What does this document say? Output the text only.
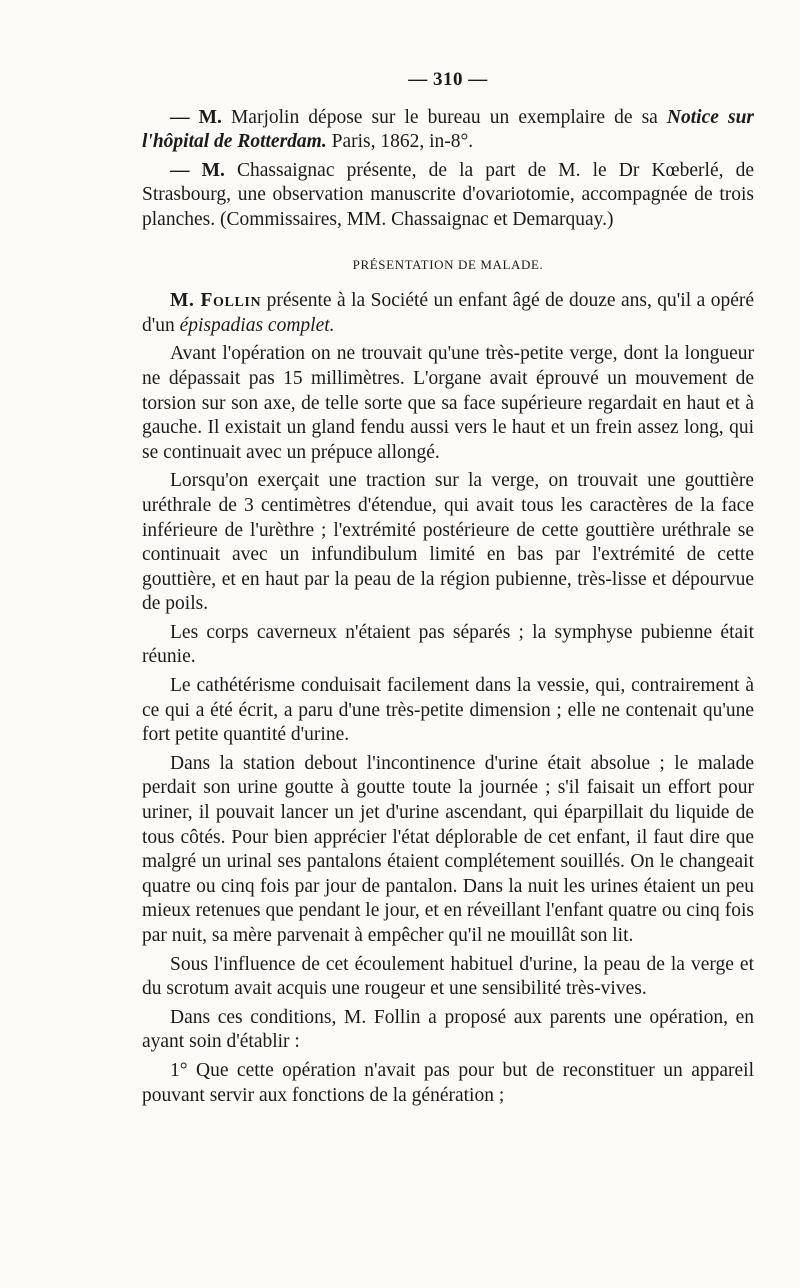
— 310 —

— M. Marjolin dépose sur le bureau un exemplaire de sa Notice sur l'hôpital de Rotterdam. Paris, 1862, in-8°.

— M. Chassaignac présente, de la part de M. le Dr Kœberlé, de Strasbourg, une observation manuscrite d'ovariotomie, accompagnée de trois planches. (Commissaires, MM. Chassaignac et Demarquay.)

PRÉSENTATION DE MALADE.

M. Follin présente à la Société un enfant âgé de douze ans, qu'il a opéré d'un épispadias complet.

Avant l'opération on ne trouvait qu'une très-petite verge, dont la longueur ne dépassait pas 15 millimètres. L'organe avait éprouvé un mouvement de torsion sur son axe, de telle sorte que sa face supérieure regardait en haut et à gauche. Il existait un gland fendu aussi vers le haut et un frein assez long, qui se continuait avec un prépuce allongé.

Lorsqu'on exerçait une traction sur la verge, on trouvait une gouttière uréthrale de 3 centimètres d'étendue, qui avait tous les caractères de la face inférieure de l'urèthre ; l'extrémité postérieure de cette gouttière uréthrale se continuait avec un infundibulum limité en bas par l'extrémité de cette gouttière, et en haut par la peau de la région pubienne, très-lisse et dépourvue de poils.

Les corps caverneux n'étaient pas séparés ; la symphyse pubienne était réunie.

Le cathétérisme conduisait facilement dans la vessie, qui, contrairement à ce qui a été écrit, a paru d'une très-petite dimension ; elle ne contenait qu'une fort petite quantité d'urine.

Dans la station debout l'incontinence d'urine était absolue ; le malade perdait son urine goutte à goutte toute la journée ; s'il faisait un effort pour uriner, il pouvait lancer un jet d'urine ascendant, qui éparpillait du liquide de tous côtés. Pour bien apprécier l'état déplorable de cet enfant, il faut dire que malgré un urinal ses pantalons étaient complétement souillés. On le changeait quatre ou cinq fois par jour de pantalon. Dans la nuit les urines étaient un peu mieux retenues que pendant le jour, et en réveillant l'enfant quatre ou cinq fois par nuit, sa mère parvenait à empêcher qu'il ne mouillât son lit.

Sous l'influence de cet écoulement habituel d'urine, la peau de la verge et du scrotum avait acquis une rougeur et une sensibilité très-vives.

Dans ces conditions, M. Follin a proposé aux parents une opération, en ayant soin d'établir :

1° Que cette opération n'avait pas pour but de reconstituer un appareil pouvant servir aux fonctions de la génération ;
